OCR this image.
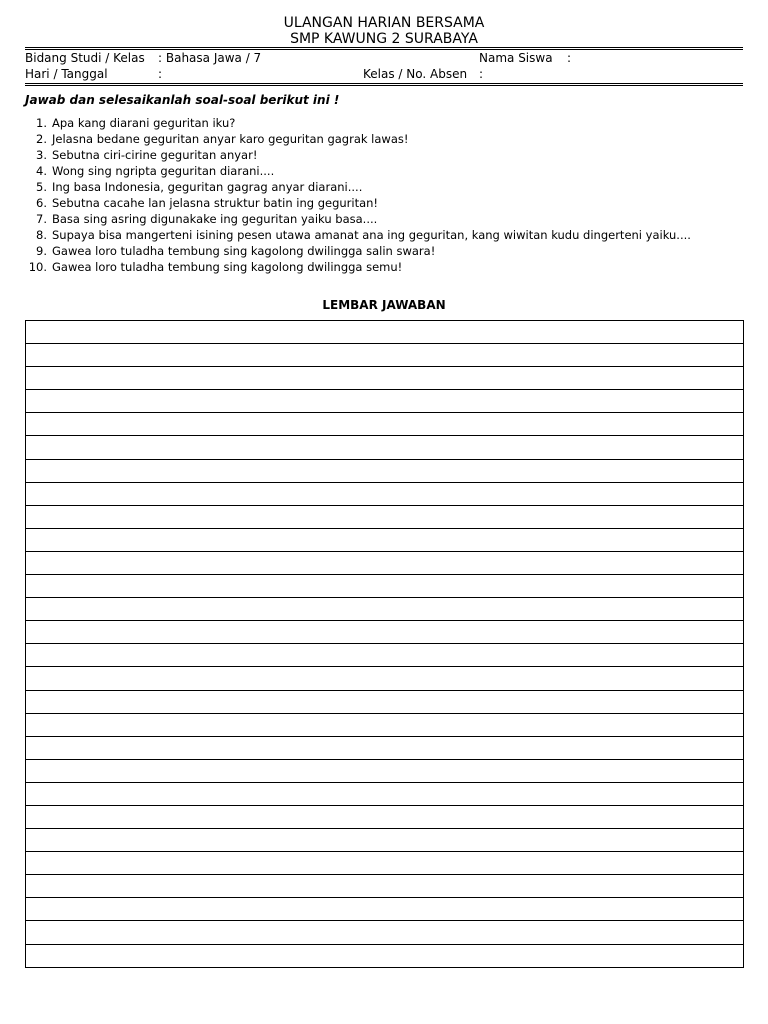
ULANGAN HARIAN BERSAMA
SMP KAWUNG 2 SURABAYA
Bidang Studi / Kelas : Bahasa Jawa / 7	Nama Siswa :
Hari / Tanggal	:	Kelas / No. Absen :
Jawab dan selesaikanlah soal-soal berikut ini !
1. Apa kang diarani geguritan iku?
2. Jelasna bedane geguritan anyar karo geguritan gagrak lawas!
3. Sebutna ciri-cirine geguritan anyar!
4. Wong sing ngripta geguritan diarani....
5. Ing basa Indonesia, geguritan gagrag anyar diarani....
6. Sebutna cacahe lan jelasna struktur batin ing geguritan!
7. Basa sing asring digunakake ing geguritan yaiku basa....
8. Supaya bisa mangerteni isining pesen utawa amanat ana ing geguritan, kang wiwitan kudu dingerteni yaiku....
9. Gawea loro tuladha tembung sing kagolong dwilingga salin swara!
10. Gawea loro tuladha tembung sing kagolong dwilingga semu!
LEMBAR JAWABAN
